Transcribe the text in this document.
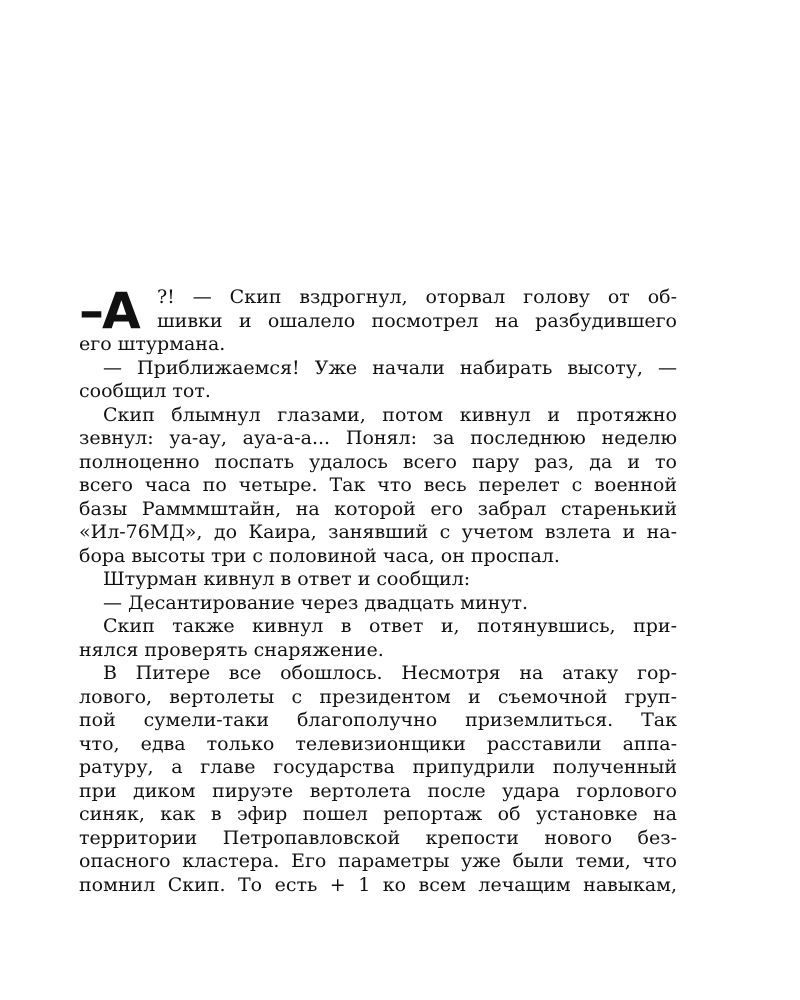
–А ?! — Скип вздрогнул, оторвал голову от об-
шивки и ошалело посмотрел на разбудившего
его штурмана.
— Приближаемся! Уже начали набирать высоту, —
сообщил тот.
Скип блымнул глазами, потом кивнул и протяжно
зевнул: уа-ау, ауа-а-а... Понял: за последнюю неделю
полноценно поспать удалось всего пару раз, да и то
всего часа по четыре. Так что весь перелет с военной
базы Рамммштайн, на которой его забрал старенький
«Ил-76МД», до Каира, занявший с учетом взлета и на-
бора высоты три с половиной часа, он проспал.
Штурман кивнул в ответ и сообщил:
— Десантирование через двадцать минут.
Скип также кивнул в ответ и, потянувшись, при-
нялся проверять снаряжение.
В Питере все обошлось. Несмотря на атаку гор-
лового, вертолеты с президентом и съемочной груп-
пой сумели-таки благополучно приземлиться. Так
что, едва только телевизионщики расставили аппа-
ратуру, а главе государства припудрили полученный
при диком пируэте вертолета после удара горлового
синяк, как в эфир пошел репортаж об установке на
территории Петропавловской крепости нового без-
опасного кластера. Его параметры уже были теми, что
помнил Скип. То есть + 1 ко всем лечащим навыкам,
